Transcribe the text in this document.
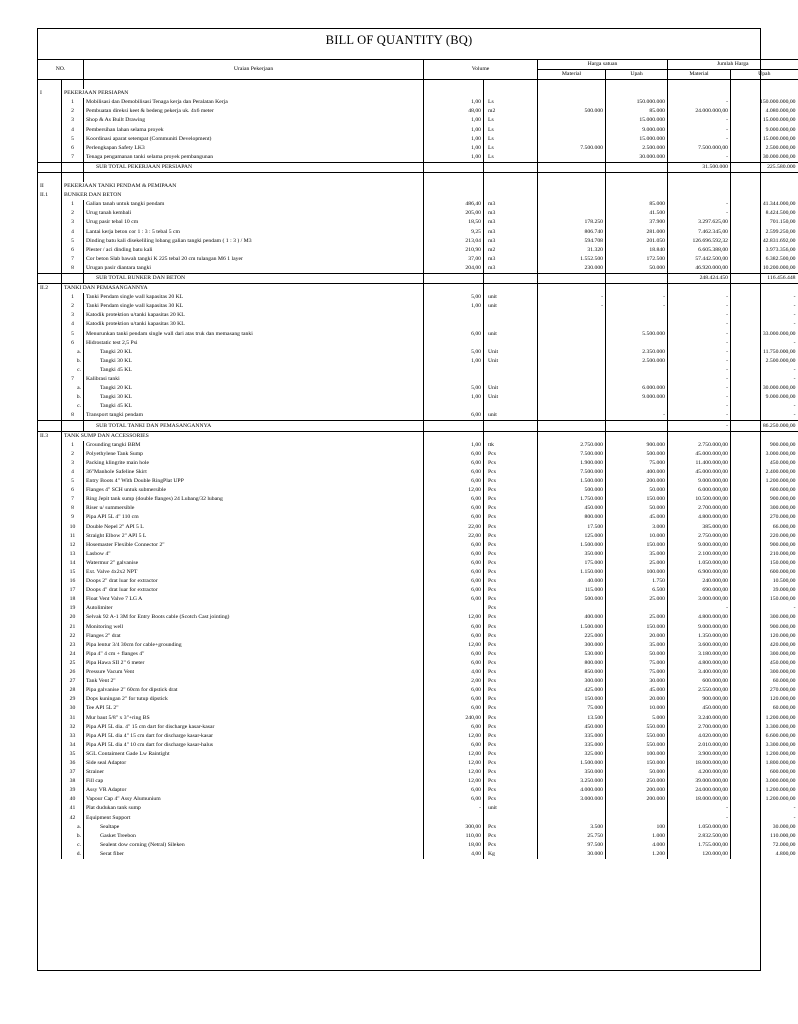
BILL OF QUANTITY (BQ)
NO.		Uraian Pekerjaan	Volume		Harga satuan		Jumlah Harga	
					Material	Upah	Material	Upah

I	PEKERJAAN PERSIAPAN							
	1	Mobilisasi dan Demobilisasi Tenaga kerja dan Peralatan Kerja	1,00	Ls		150.000.000	-	150.000.000,00
	2	Pembuatan direksi keet & bedeng pekerja uk. 4x6 meter	48,00	m2	500.000	85.000	24.000.000,00	4.080.000,00
	3	Shop & As Built Drawing	1,00	Ls		15.000.000	-	15.000.000,00
	4	Pembersihan lahan selama proyek	1,00	Ls		9.000.000	-	9.000.000,00
	5	Koordinasi aparat setempat (Communiti Development)	1,00	Ls		15.000.000	-	15.000.000,00
	6	Perlengkapan Safety LK3	1,00	Ls	7.500.000	2.500.000	7.500.000,00	2.500.000,00
	7	Tenaga pengamanan tanki selama proyek pembangunan	1,00	Ls		30.000.000	-	30.000.000,00
		SUB TOTAL PEKERJAAN PERSIAPAN					31.500.000	225.580.000

II	PEKERJAAN TANKI PENDAM & PEMIPAAN							
II.1	BUNKER DAN BETON							
	1	Galian tanah untuk tangki pendam	486,40	m3		85.000	-	41.344.000,00
	2	Urug tanah kembali	205,00	m3		41.500	-	8.424.500,00
	3	Urug pasir tebal 10 cm	18,50	m3	178.250	37.900	3.297.625,00	701.150,00
	4	Lantai kerja beton cor 1 : 3 : 5 tebal 5 cm	9,25	m3	806.740	281.000	7.462.345,00	2.599.250,00
	5	Dinding batu kali disekeliling lobang galian tangki pendam ( 1 : 3 ) / M3	213,04	m3	594.708	201.050	126.696.592,32	42.831.692,00
	6	Plester / aci dinding batu kali	210,90	m2	31.320	18.840	6.605.388,00	3.973.356,00
	7	Cor beton Slab bawah tangki K 225 tebal 20 cm tulangan M6 1 layer	37,00	m3	1.552.500	172.500	57.442.500,00	6.382.500,00
	8	Urugan pasir diantara tangki	204,00	m3	230.000	50.000	46.920.000,00	10.200.000,00
		SUB TOTAL BUNKER DAN BETON					248.424.450	116.456.448
II.2	TANKI DAN PEMASANGANNYA							
	1	Tanki Pendam single wall kapasitas 20 KL	5,00	unit	-	-	-	-
	2	Tanki Pendam single wall kapasitas 30 KL	1,00	unit	-	-	-	-
	3	Katodik protektion u/tanki kapasitas 20 KL					-	-
	4	Katodik protektion u/tanki kapasitas 30 KL					-	-
	5	Menurunkan tanki pendam single wall dari atas truk dan memasang tanki	6,00	unit		5.500.000	-	33.000.000,00
	6	Hidrostatic test 2,5 Psi					-	-
	a.	Tangki 20 KL	5,00	Unit		2.350.000	-	11.750.000,00
	b.	Tangki 30 KL	1,00	Unit		2.500.000	-	2.500.000,00
	c.	Tangki 45 KL					-	-
	7	Kalibrasi tanki					-	-
	a.	Tangki 20 KL	5,00	Unit		6.000.000	-	30.000.000,00
	b.	Tangki 30 KL	1,00	Unit		9.000.000	-	9.000.000,00
	c.	Tangki 45 KL					-	-
	8	Transport tangki pendam	6,00	unit		-	-	-
		SUB TOTAL TANKI DAN PEMASANGANNYA					-	86.250.000,00
II.3	TANK SUMP DAN ACCESSORIES							
	1	Grounding tangki BBM	1,00	ttk	2.750.000	900.000	2.750.000,00	900.000,00
	2	Polyethylene Tank Sump	6,00	Pcs	7.500.000	500.000	45.000.000,00	3.000.000,00
	3	Packing klingrite main hole	6,00	Pcs	1.900.000	75.000	11.400.000,00	450.000,00
	4	36"Manhole Safeline Skirt	6,00	Pcs	7.500.000	400.000	45.000.000,00	2.400.000,00
	5	Entry Boots 4" With Double RingPlat UPP	6,00	Pcs	1.500.000	200.000	9.000.000,00	1.200.000,00
	6	Flanges 4" SCH untuk submersible	12,00	Pcs	500.000	50.000	6.000.000,00	600.000,00
	7	Ring Jepit tank sump (double flanges) 24 Lubang/32 lubang	6,00	Pcs	1.750.000	150.000	10.500.000,00	900.000,00
	8	Riser u/ summersible	6,00	Pcs	450.000	50.000	2.700.000,00	300.000,00
	9	Pipa API 5L 4" 110 cm	6,00	Pcs	800.000	45.000	4.800.000,00	270.000,00
	10	Double Nepel 2" API 5 L	22,00	Pcs	17.500	3.000	385.000,00	66.000,00
	11	Straight Elbow 2" API 5 L	22,00	Pcs	125.000	10.000	2.750.000,00	220.000,00
	12	Hosemaster Flexible Connector 2"	6,00	Pcs	1.500.000	150.000	9.000.000,00	900.000,00
	13	Lasbow 4"	6,00	Pcs	350.000	35.000	2.100.000,00	210.000,00
	14	Watermur 2" galvanise	6,00	Pcs	175.000	25.000	1.050.000,00	150.000,00
	15	Ext. Valve 4x2x2 NPT	6,00	Pcs	1.150.000	100.000	6.900.000,00	600.000,00
	16	Doops 2" drat luar for extractor	6,00	Pcs	40.000	1.750	240.000,00	10.500,00
	17	Doops 4" drat luar for extractor	6,00	Pcs	115.000	6.500	690.000,00	39.000,00
	18	Float Vent Valve 7 LG A	6,00	Pcs	500.000	25.000	3.000.000,00	150.000,00
	19	Autolimiter		Pcs			-	-
	20	Selvak 92 A-1 3M for Entry Boots cable (Scotch Cast jointing)	12,00	Pcs	400.000	25.000	4.800.000,00	300.000,00
	21	Monitoring well	6,00	Pcs	1.500.000	150.000	9.000.000,00	900.000,00
	22	Flanges 2" drat	6,00	Pcs	225.000	20.000	1.350.000,00	120.000,00
	23	Pipa lentur 3/4 30cm for cable+grounding	12,00	Pcs	300.000	35.000	3.600.000,00	420.000,00
	24	Pipa 4" 4 cm + flanges 4"	6,00	Pcs	530.000	50.000	3.180.000,00	300.000,00
	25	Pipa Hawa SII 2" 6 meter	6,00	Pcs	800.000	75.000	4.800.000,00	450.000,00
	26	Pressure Vacum Vent	4,00	Pcs	850.000	75.000	3.400.000,00	300.000,00
	27	Tank Vent 2"	2,00	Pcs	300.000	30.000	600.000,00	60.000,00
	28	Pipa galvanise 2" 60cm for dipstick drat	6,00	Pcs	425.000	45.000	2.550.000,00	270.000,00
	29	Dops kuningan 2" for tutup dipstick	6,00	Pcs	150.000	20.000	900.000,00	120.000,00
	30	Tee API 5L 2"	6,00	Pcs	75.000	10.000	450.000,00	60.000,00
	31	Mur baut 5/8" x 3"+ring BS	240,00	Pcs	13.500	5.000	3.240.000,00	1.200.000,00
	32	Pipa API 5L dia. 4" 15 cm dart for discharge kasar-kasar	6,00	Pcs	450.000	550.000	2.700.000,00	3.300.000,00
	33	Pipa API 5L dia 4" 15 cm dart for discharge kasar-kasar	12,00	Pcs	335.000	550.000	4.020.000,00	6.600.000,00
	34	Pipa API 5L dia 4" 10 cm dart for discharge kasar-halus	6,00	Pcs	335.000	550.000	2.010.000,00	3.300.000,00
	35	SGL Contaiment Gade Lw Raintight	12,00	Pcs	325.000	100.000	3.900.000,00	1.200.000,00
	36	Side seal Adaptor	12,00	Pcs	1.500.000	150.000	18.000.000,00	1.800.000,00
	37	Strainer	12,00	Pcs	350.000	50.000	4.200.000,00	600.000,00
	38	Fill cap	12,00	Pcs	3.250.000	250.000	39.000.000,00	3.000.000,00
	39	Assy VR Adaptor	6,00	Pcs	4.000.000	200.000	24.000.000,00	1.200.000,00
	40	Vapour Cap 4" Assy Alumunium	6,00	Pcs	3.000.000	200.000	18.000.000,00	1.200.000,00
	41	Plat dudukan tank sump	-	unit			-	-
	42	Equipment Support					-	-
	a.	Sealtape	300,00	Pcs	3.500	100	1.050.000,00	30.000,00
	b.	Gasket Treebon	110,00	Pcs	25.750	1.000	2.832.500,00	110.000,00
	c.	Sealent dow corning (Netral) Sileken	18,00	Pcs	97.500	4.000	1.755.000,00	72.000,00
	d.	Serat fiber	4,00	Kg	30.000	1.200	120.000,00	4.800,00
